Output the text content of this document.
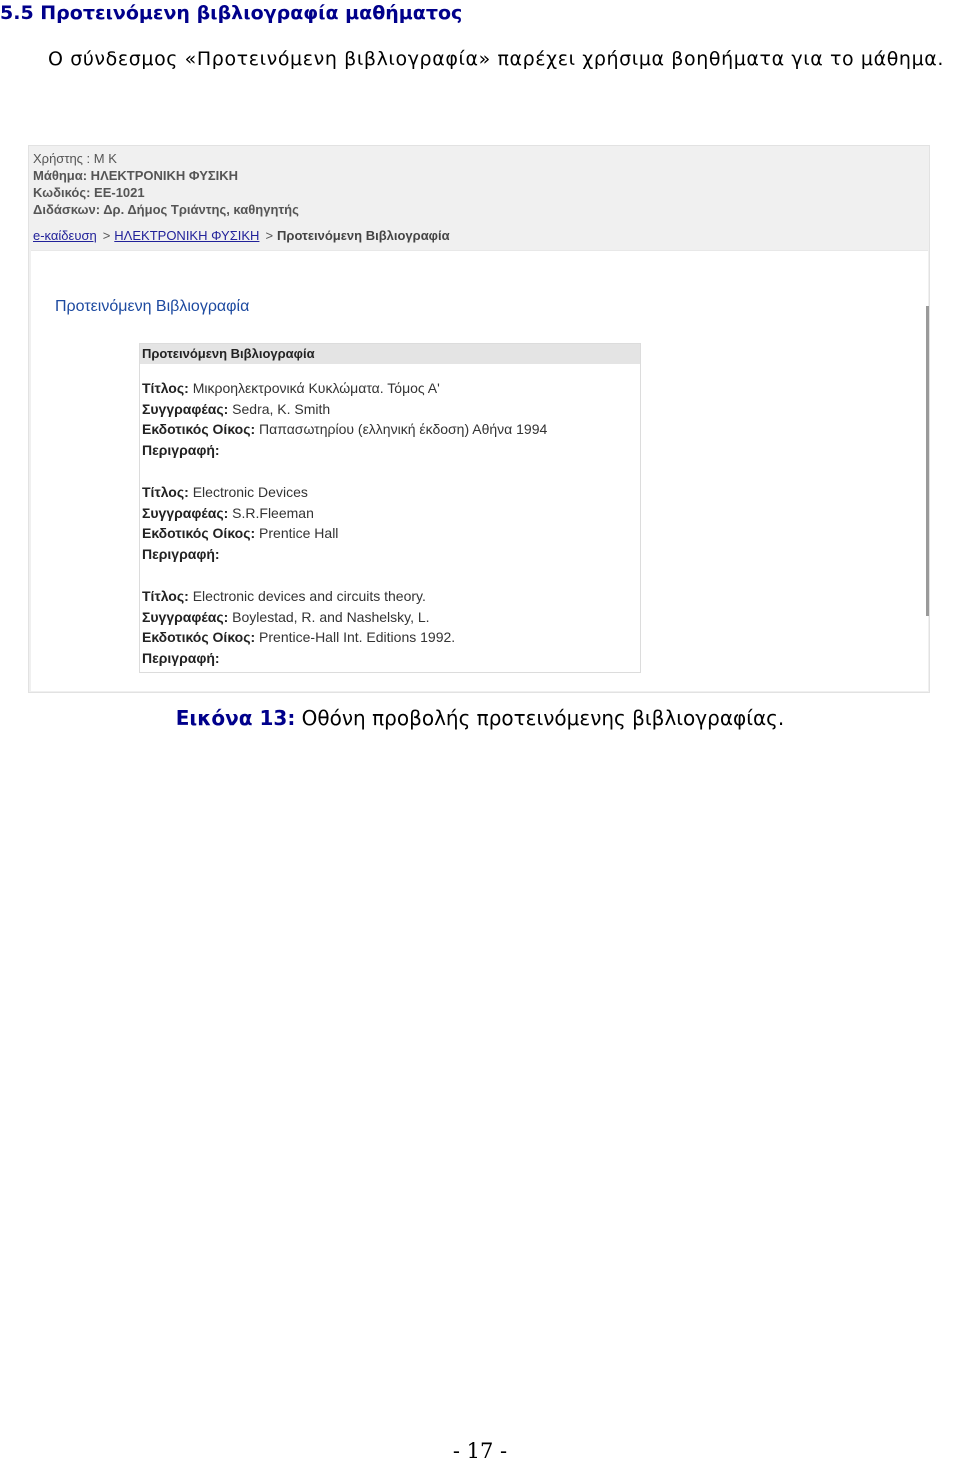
5.5 Προτεινόμενη βιβλιογραφία μαθήματος
Ο σύνδεσμος «Προτεινόμενη βιβλιογραφία» παρέχει χρήσιμα βοηθήματα για το μάθημα.
Χρήστης : Μ Κ
Μάθημα: ΗΛΕΚΤΡΟΝΙΚΗ ΦΥΣΙΚΗ
Κωδικός: ΕΕ-1021
Διδάσκων: Δρ. Δήμος Τριάντης, καθηγητής
e-καίδευση > ΗΛΕΚΤΡΟΝΙΚΗ ΦΥΣΙΚΗ > Προτεινόμενη Βιβλιογραφία
Προτεινόμενη Βιβλιογραφία
Προτεινόμενη Βιβλιογραφία
Τίτλος: Μικροηλεκτρονικά Κυκλώματα. Τόμος Α'
Συγγραφέας: Sedra, K. Smith
Εκδοτικός Οίκος: Παπασωτηρίου (ελληνική έκδοση) Αθήνα 1994
Περιγραφή:
Τίτλος: Electronic Devices
Συγγραφέας: S.R.Fleeman
Εκδοτικός Οίκος: Prentice Hall
Περιγραφή:
Τίτλος: Electronic devices and circuits theory.
Συγγραφέας: Boylestad, R. and Nashelsky, L.
Εκδοτικός Οίκος: Prentice-Hall Int. Editions 1992.
Περιγραφή:
Εικόνα 13: Οθόνη προβολής προτεινόμενης βιβλιογραφίας.
- 17 -
